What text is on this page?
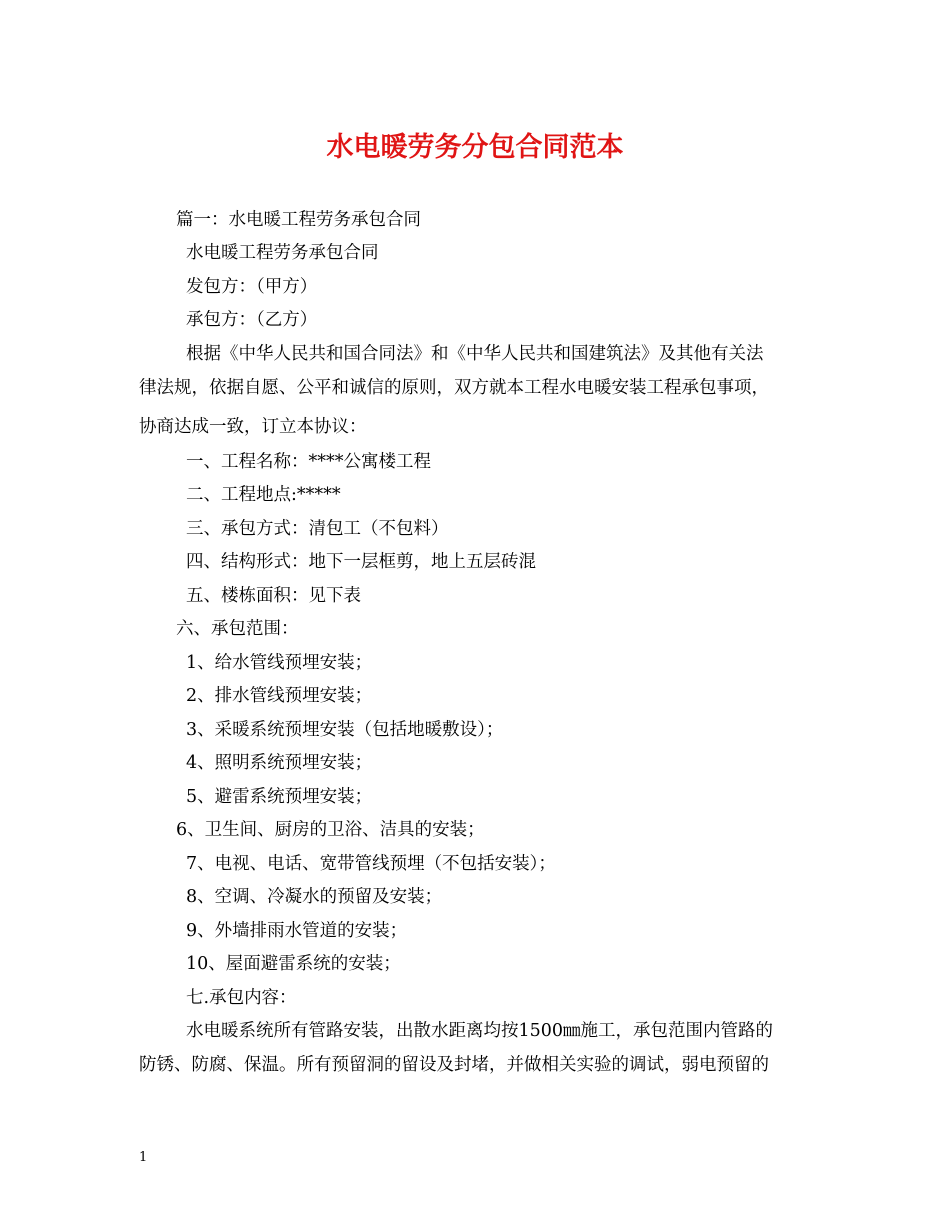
水电暖劳务分包合同范本
篇一：水电暖工程劳务承包合同
水电暖工程劳务承包合同
发包方：（甲方）
承包方：（乙方）
根据《中华人民共和国合同法》和《中华人民共和国建筑法》及其他有关法
律法规，依据自愿、公平和诚信的原则，双方就本工程水电暖安装工程承包事项，
协商达成一致，订立本协议：
一、工程名称：****公寓楼工程
二、工程地点:*****
三、承包方式：清包工（不包料）
四、结构形式：地下一层框剪，地上五层砖混
五、楼栋面积：见下表
六、承包范围：
1、给水管线预埋安装；
2、排水管线预埋安装；
3、采暖系统预埋安装（包括地暖敷设）；
4、照明系统预埋安装；
5、避雷系统预埋安装；
6、卫生间、厨房的卫浴、洁具的安装；
7、电视、电话、宽带管线预埋（不包括安装）；
8、空调、冷凝水的预留及安装；
9、外墙排雨水管道的安装；
10、屋面避雷系统的安装；
七.承包内容：
水电暖系统所有管路安装，出散水距离均按1500㎜施工，承包范围内管路的
防锈、防腐、保温。所有预留洞的留设及封堵，并做相关实验的调试，弱电预留的
1
